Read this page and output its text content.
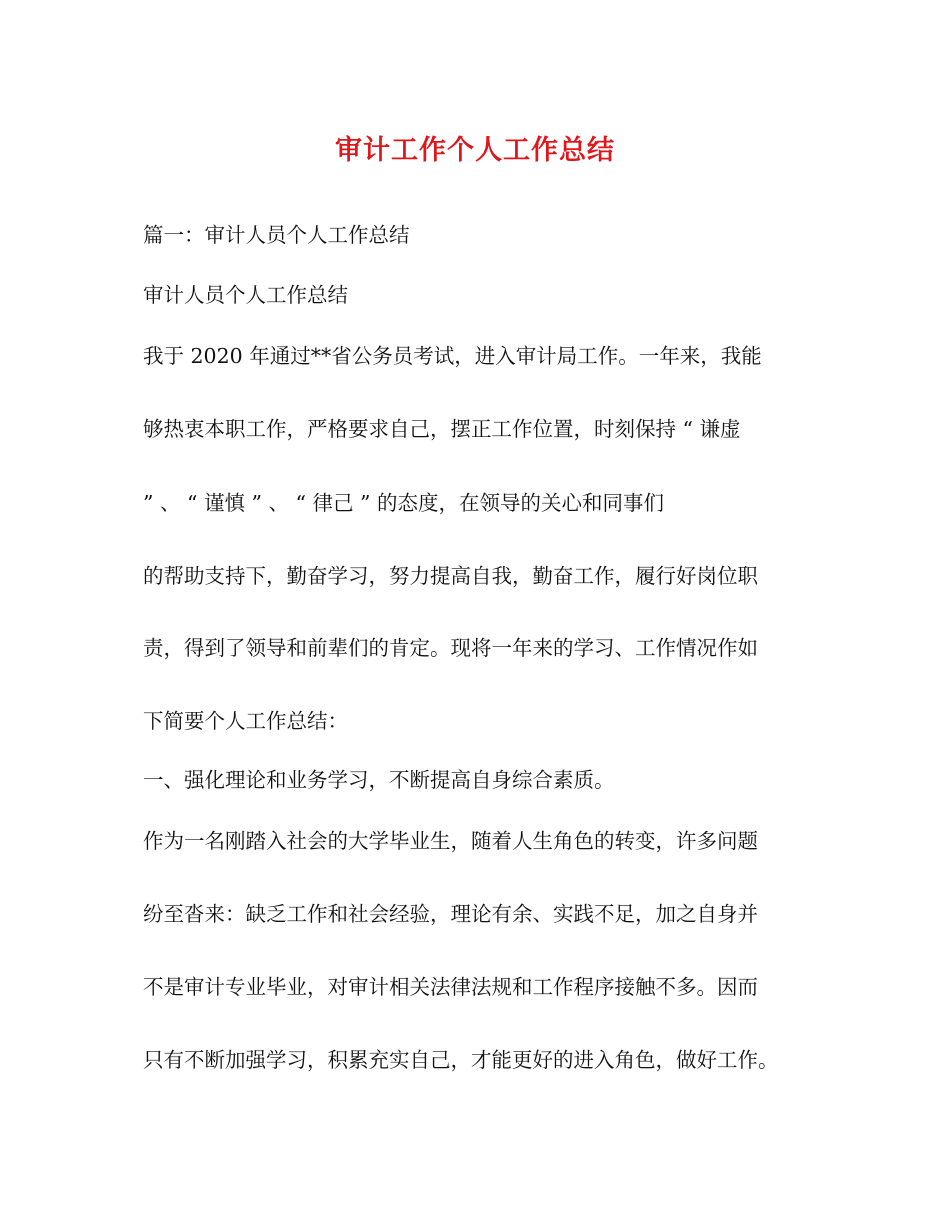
审计工作个人工作总结
篇一：审计人员个人工作总结
审计人员个人工作总结
我于 2020 年通过**省公务员考试，进入审计局工作。一年来，我能
够热衷本职工作，严格要求自己，摆正工作位置，时刻保持 “ 谦虚
” 、 “ 谨慎 ” 、 “ 律己 ” 的态度，在领导的关心和同事们
的帮助支持下，勤奋学习，努力提高自我，勤奋工作，履行好岗位职
责，得到了领导和前辈们的肯定。现将一年来的学习、工作情况作如
下简要个人工作总结：
一、强化理论和业务学习，不断提高自身综合素质。
作为一名刚踏入社会的大学毕业生，随着人生角色的转变，许多问题
纷至沓来：缺乏工作和社会经验，理论有余、实践不足，加之自身并
不是审计专业毕业，对审计相关法律法规和工作程序接触不多。因而
只有不断加强学习，积累充实自己，才能更好的进入角色，做好工作。
